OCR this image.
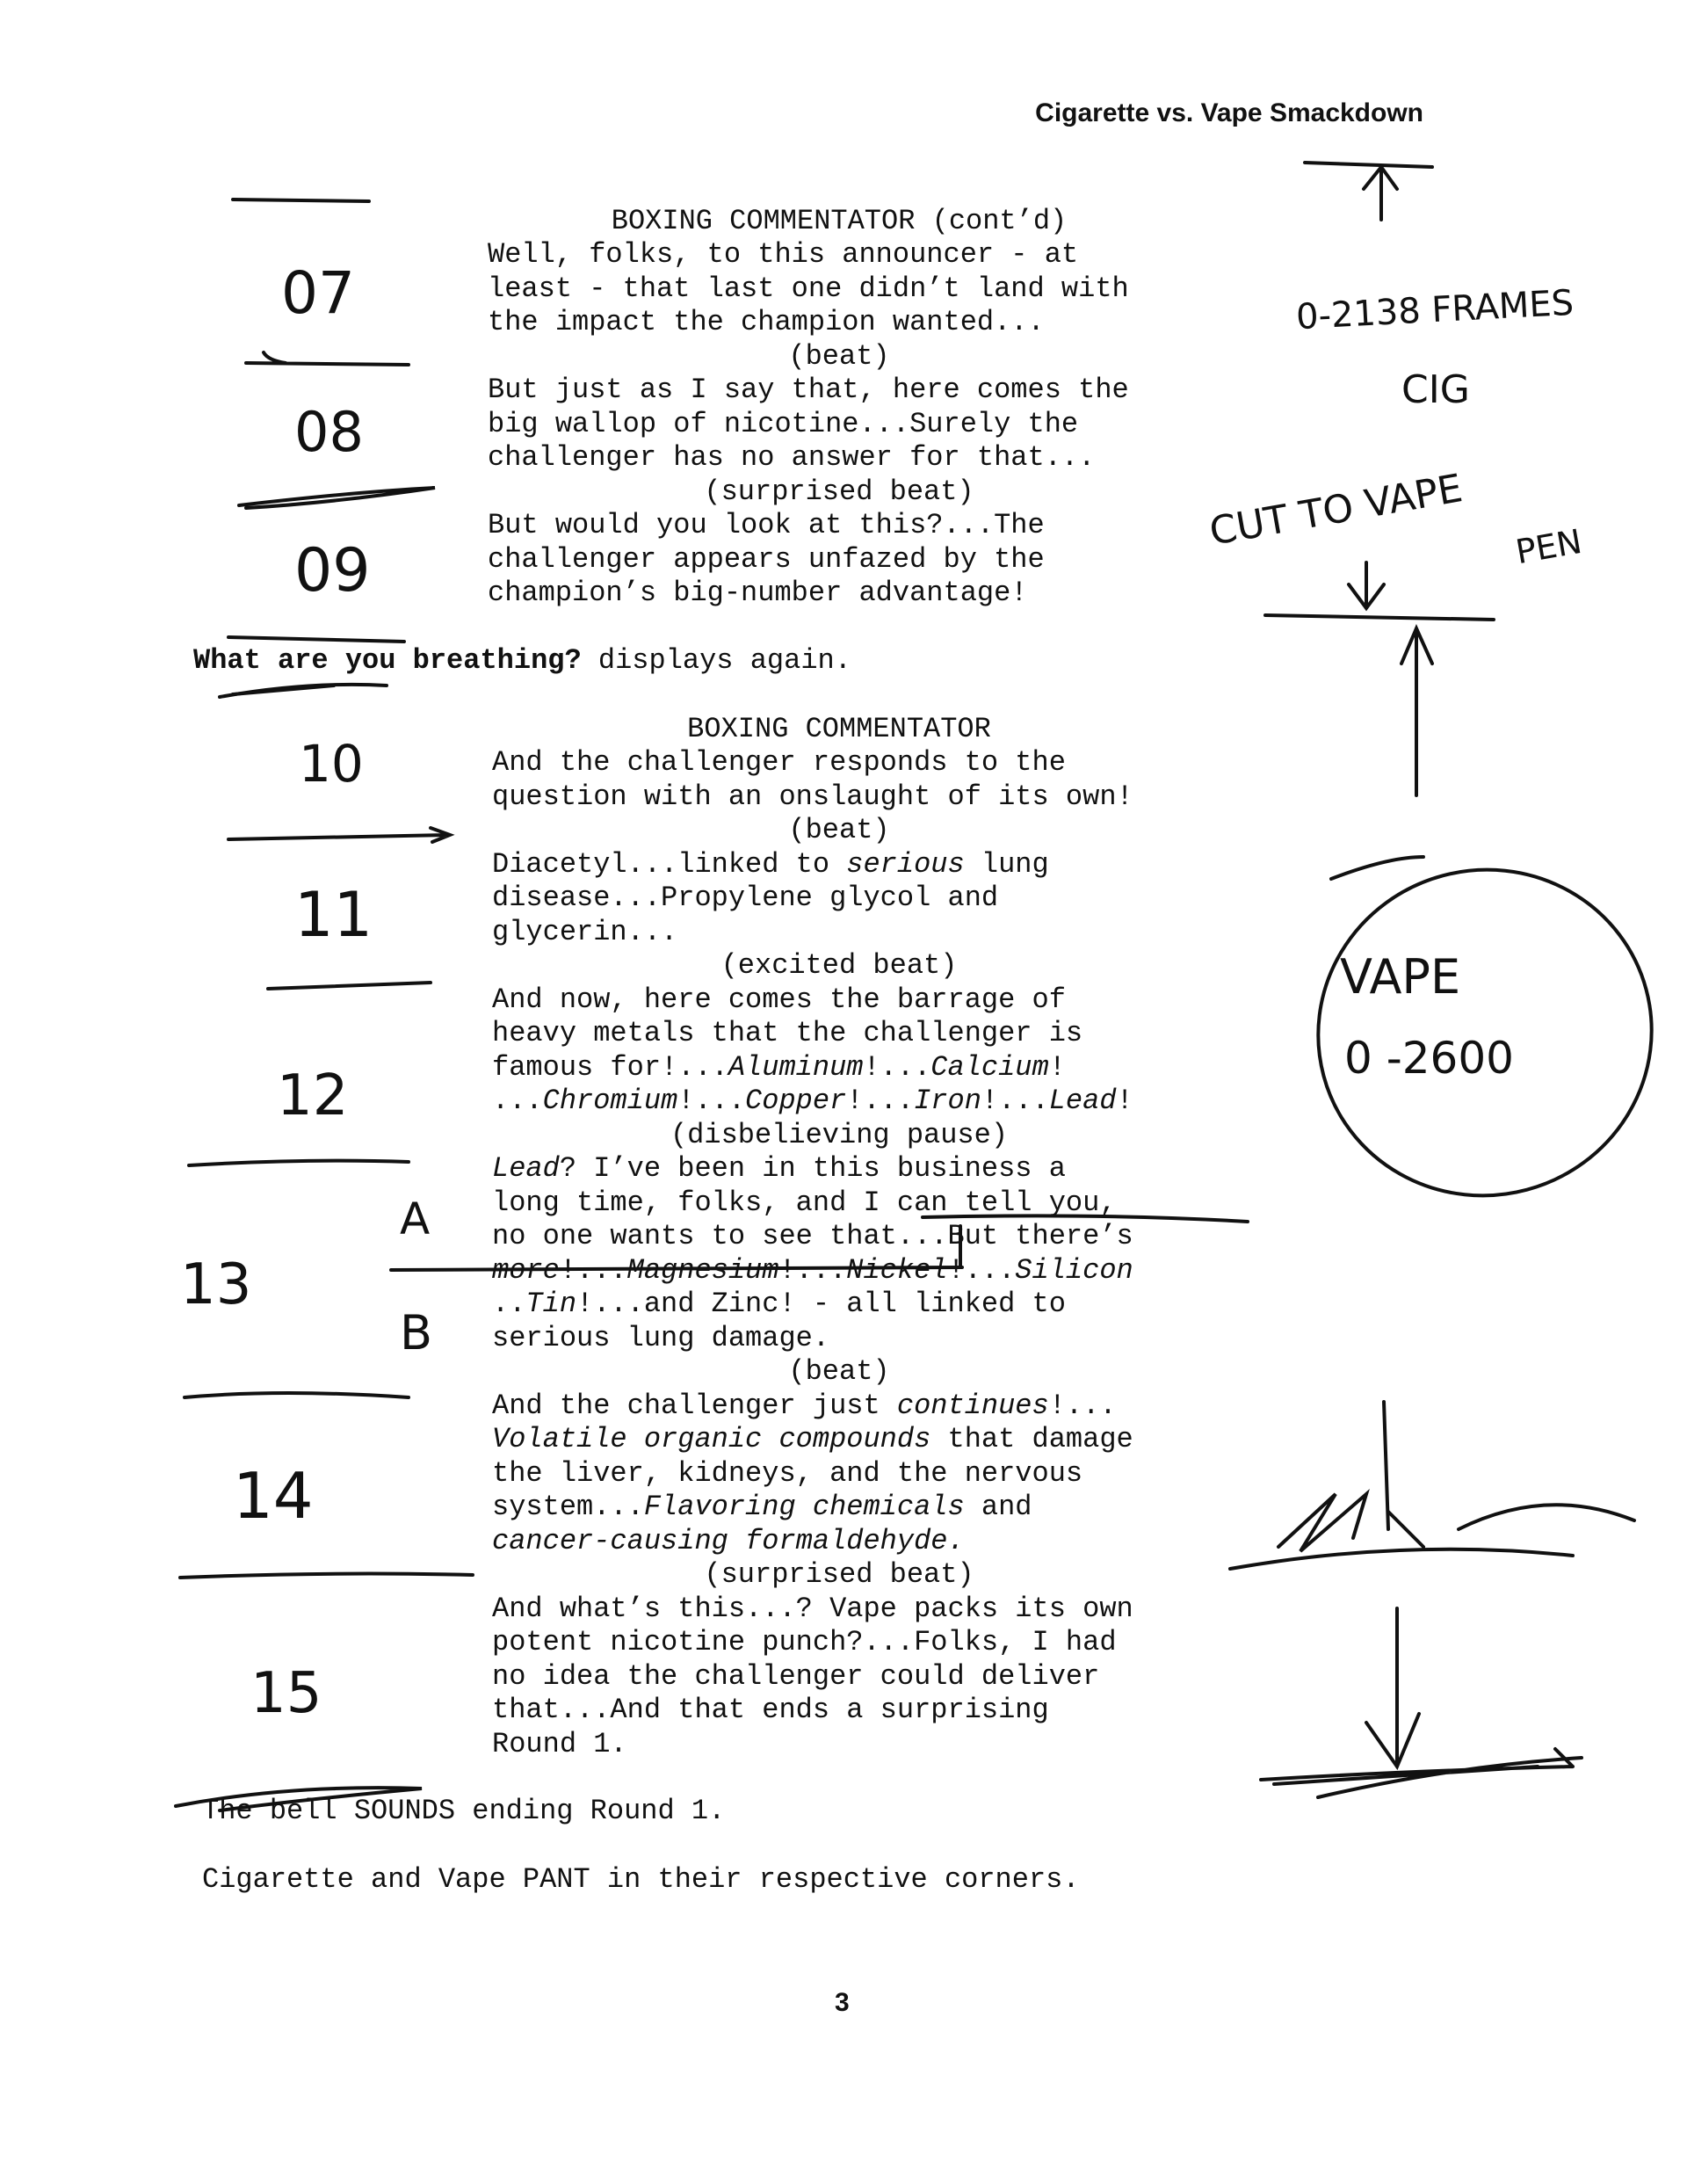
Cigarette vs. Vape Smackdown
BOXING COMMENTATOR (cont’d)
Well, folks, to this announcer - at
least - that last one didn’t land with
the impact the champion wanted...
(beat)
But just as I say that, here comes the
big wallop of nicotine...Surely the
challenger has no answer for that...
(surprised beat)
But would you look at this?...The
challenger appears unfazed by the
champion’s big-number advantage!
What are you breathing? displays again.
BOXING COMMENTATOR
And the challenger responds to the
question with an onslaught of its own!
(beat)
Diacetyl...linked to serious lung
disease...Propylene glycol and
glycerin...
(excited beat)
And now, here comes the barrage of
heavy metals that the challenger is
famous for!...Aluminum!...Calcium!
...Chromium!...Copper!...Iron!...Lead!
(disbelieving pause)
Lead? I’ve been in this business a
long time, folks, and I can tell you,
no one wants to see that...But there’s
more!...Magnesium!...Nickel!...Silicon
..Tin!...and Zinc! - all linked to
serious lung damage.
(beat)
And the challenger just continues!...
Volatile organic compounds that damage
the liver, kidneys, and the nervous
system...Flavoring chemicals and
cancer-causing formaldehyde.
(surprised beat)
And what’s this...? Vape packs its own
potent nicotine punch?...Folks, I had
no idea the challenger could deliver
that...And that ends a surprising
Round 1.
The bell SOUNDS ending Round 1.
Cigarette and Vape PANT in their respective corners.
3
07
08
09
10
11
12
13
14
15
A
B
0-2138 FRAMES
CIG
CUT TO VAPE PEN
VAPE
0 -2600
